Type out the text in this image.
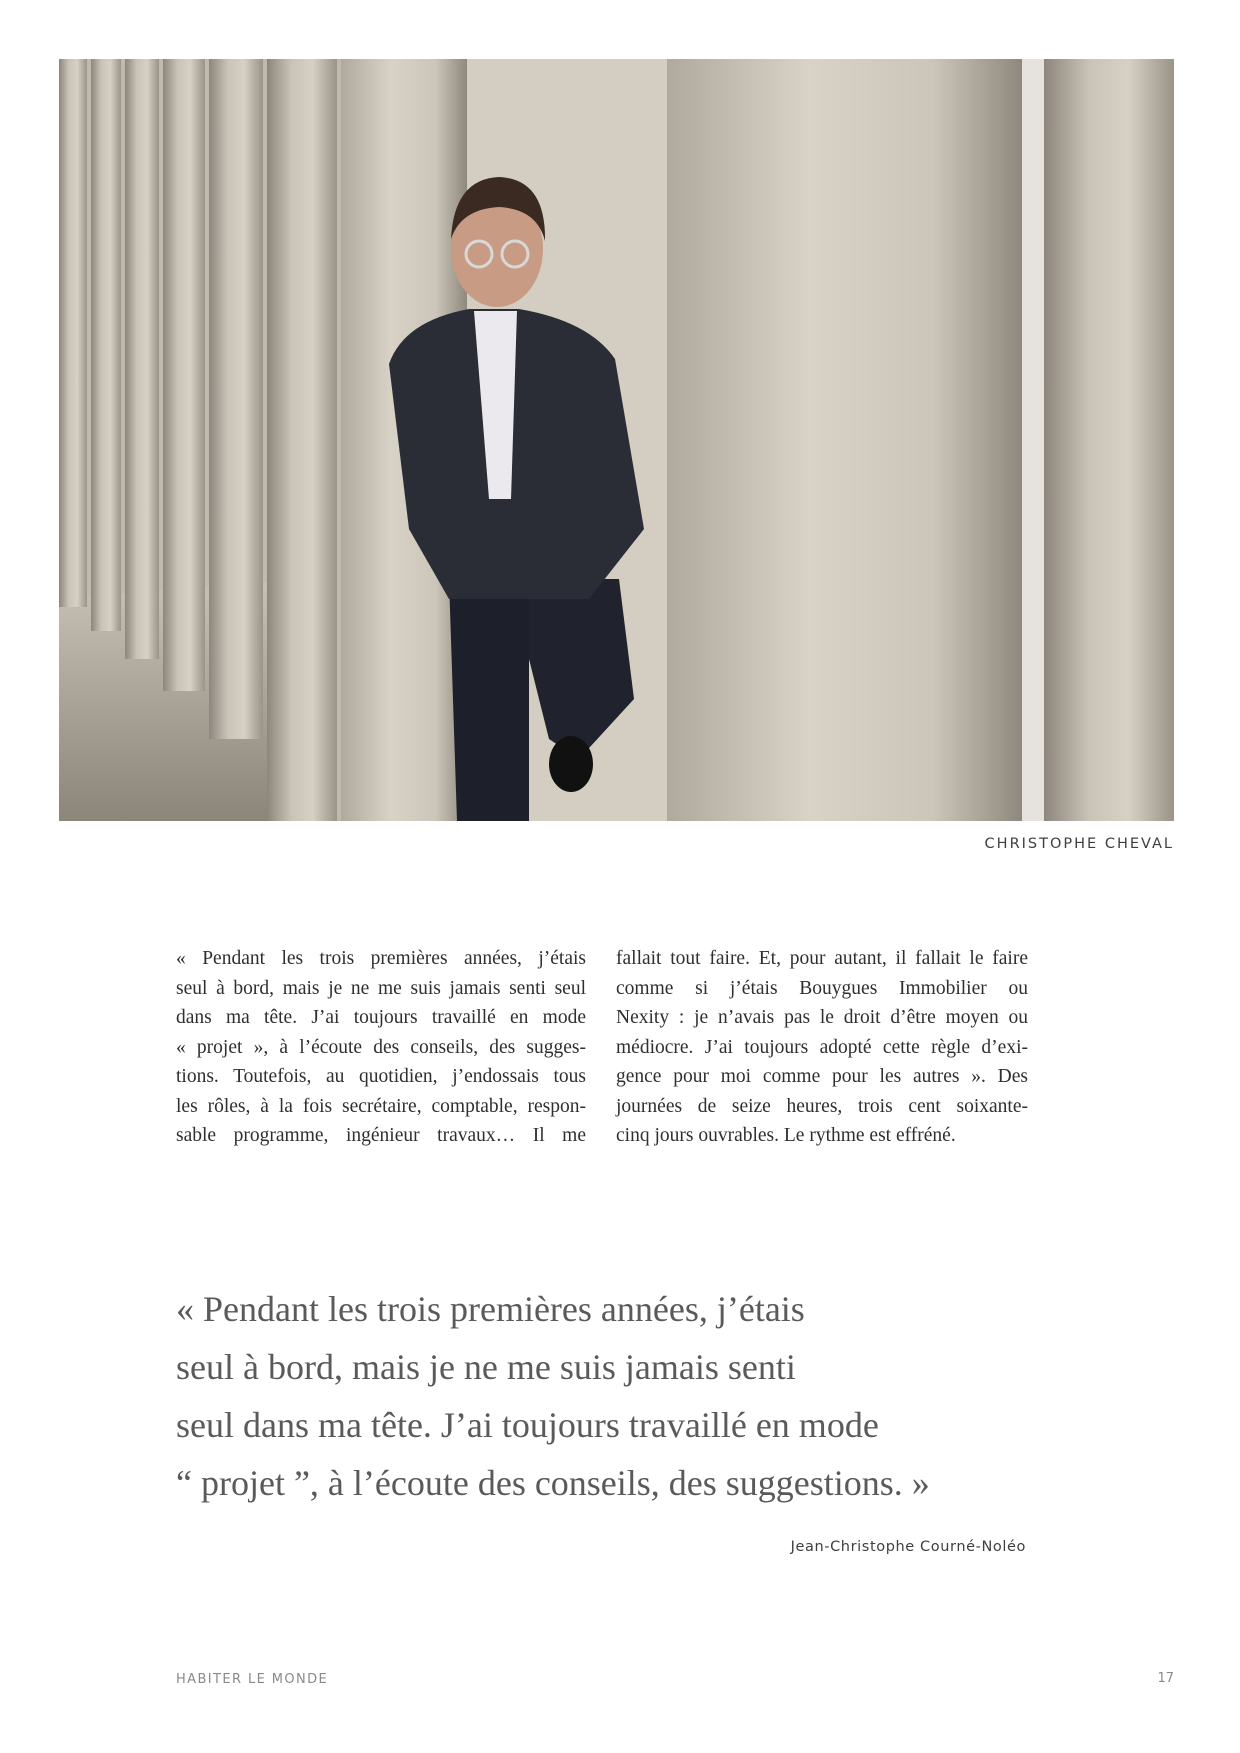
CHRISTOPHE CHEVAL
« Pendant les trois premières années, j’étais
seul à bord, mais je ne me suis jamais senti seul
dans ma tête. J’ai toujours travaillé en mode
« projet », à l’écoute des conseils, des sugges-
tions. Toutefois, au quotidien, j’endossais tous
les rôles, à la fois secrétaire, comptable, respon-
sable programme, ingénieur travaux… Il me
fallait tout faire. Et, pour autant, il fallait le faire
comme si j’étais Bouygues Immobilier ou
Nexity : je n’avais pas le droit d’être moyen ou
médiocre. J’ai toujours adopté cette règle d’exi-
gence pour moi comme pour les autres ». Des
journées de seize heures, trois cent soixante-
cinq jours ouvrables. Le rythme est effréné.
« Pendant les trois premières années, j’étais
seul à bord, mais je ne me suis jamais senti
seul dans ma tête. J’ai toujours travaillé en mode
“ projet ”, à l’écoute des conseils, des suggestions. »
Jean-Christophe Courné-Noléo
HABITER LE MONDE	17
